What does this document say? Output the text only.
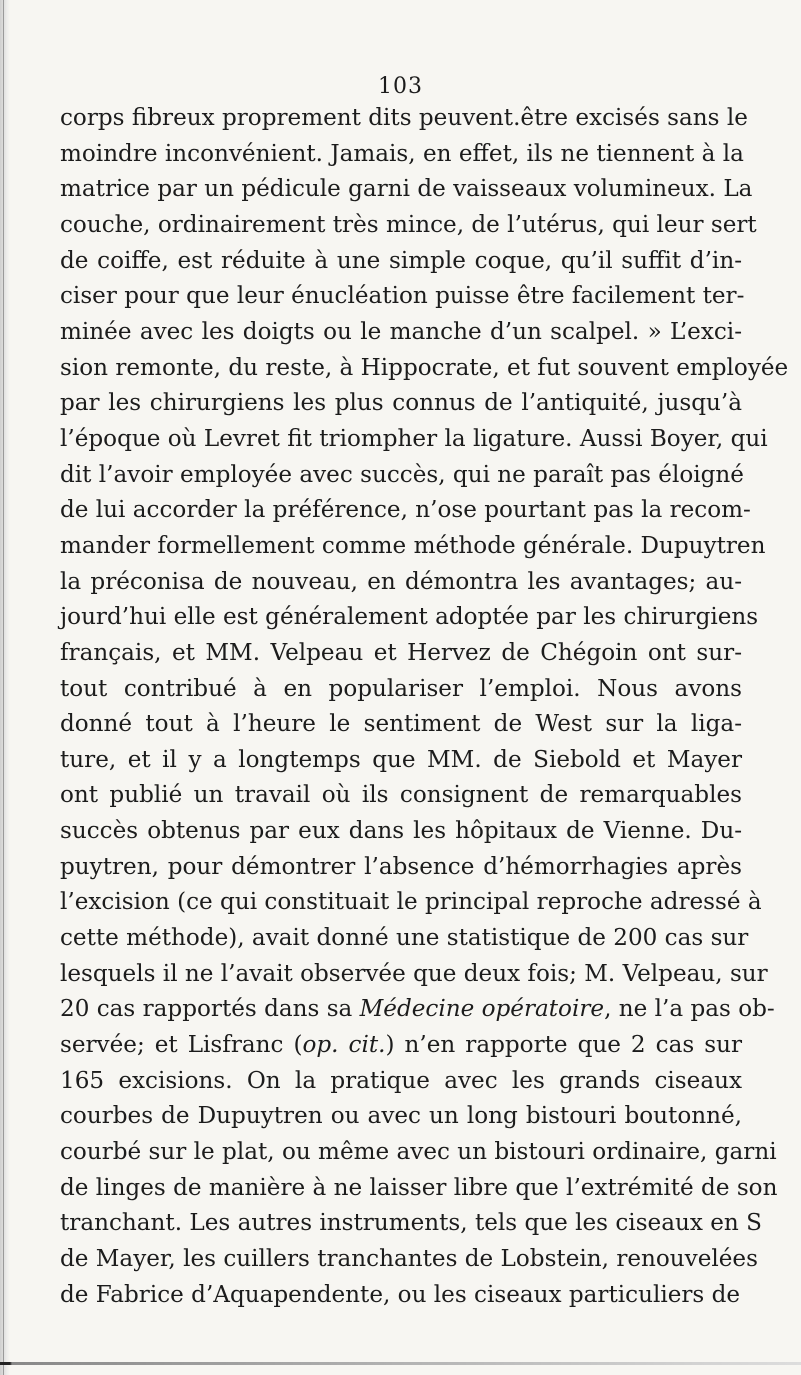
103

corps fibreux proprement dits peuvent.être excisés sans le
moindre inconvénient. Jamais, en effet, ils ne tiennent à la
matrice par un pédicule garni de vaisseaux volumineux. La
couche, ordinairement très mince, de l’utérus, qui leur sert
de coiffe, est réduite à une simple coque, qu’il suffit d’in-
ciser pour que leur énucléation puisse être facilement ter-
minée avec les doigts ou le manche d’un scalpel. » L’exci-
sion remonte, du reste, à Hippocrate, et fut souvent employée
par les chirurgiens les plus connus de l’antiquité, jusqu’à
l’époque où Levret fit triompher la ligature. Aussi Boyer, qui
dit l’avoir employée avec succès, qui ne paraît pas éloigné
de lui accorder la préférence, n’ose pourtant pas la recom-
mander formellement comme méthode générale. Dupuytren
la préconisa de nouveau, en démontra les avantages; au-
jourd’hui elle est généralement adoptée par les chirurgiens
français, et MM. Velpeau et Hervez de Chégoin ont sur-
tout contribué à en populariser l’emploi. Nous avons
donné tout à l’heure le sentiment de West sur la liga-
ture, et il y a longtemps que MM. de Siebold et Mayer
ont publié un travail où ils consignent de remarquables
succès obtenus par eux dans les hôpitaux de Vienne. Du-
puytren, pour démontrer l’absence d’hémorrhagies après
l’excision (ce qui constituait le principal reproche adressé à
cette méthode), avait donné une statistique de 200 cas sur
lesquels il ne l’avait observée que deux fois; M. Velpeau, sur
20 cas rapportés dans sa Médecine opératoire, ne l’a pas ob-
servée; et Lisfranc (op. cit.) n’en rapporte que 2 cas sur
165 excisions. On la pratique avec les grands ciseaux
courbes de Dupuytren ou avec un long bistouri boutonné,
courbé sur le plat, ou même avec un bistouri ordinaire, garni
de linges de manière à ne laisser libre que l’extrémité de son
tranchant. Les autres instruments, tels que les ciseaux en S
de Mayer, les cuillers tranchantes de Lobstein, renouvelées
de Fabrice d’Aquapendente, ou les ciseaux particuliers de
